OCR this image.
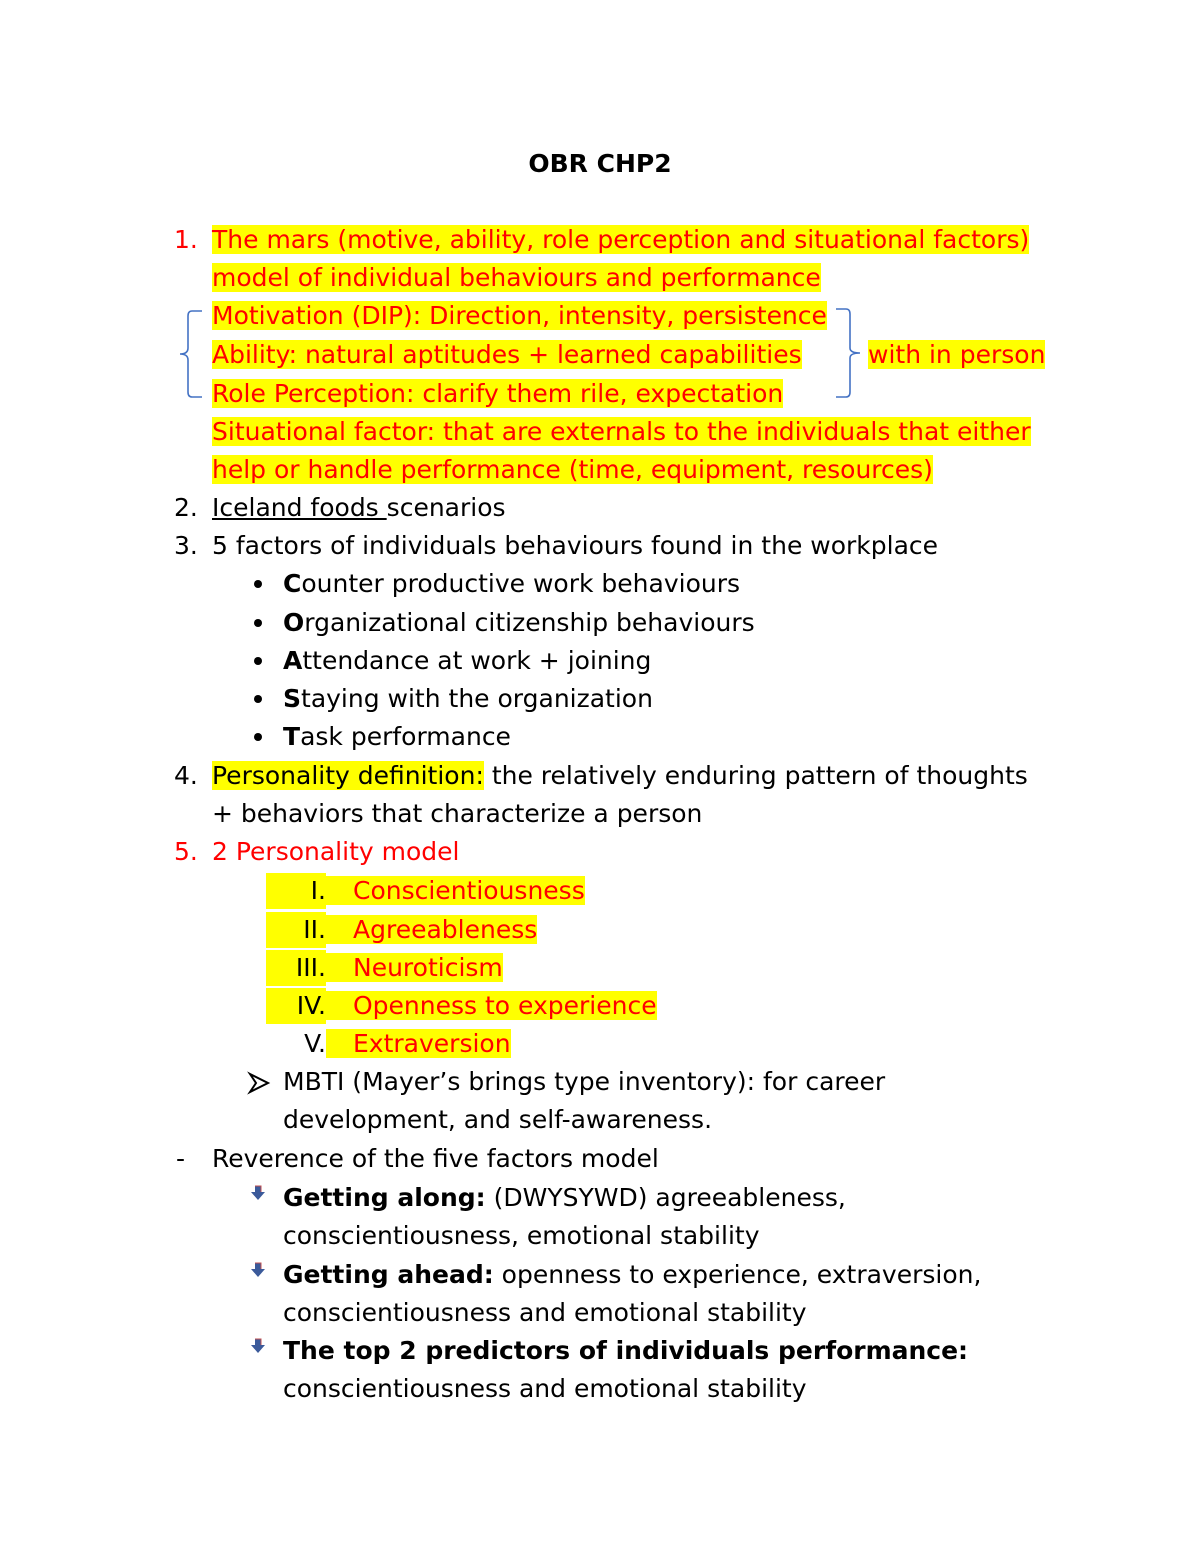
OBR CHP2
1. The mars (motive, ability, role perception and situational factors)
model of individual behaviours and performance
Motivation (DIP): Direction, intensity, persistence
Ability: natural aptitudes + learned capabilities
Role Perception: clarify them rile, expectation
Situational factor: that are externals to the individuals that either
help or handle performance (time, equipment, resources)
with in person
2. Iceland foods scenarios
3. 5 factors of individuals behaviours found in the workplace
Counter productive work behaviours
Organizational citizenship behaviours
Attendance at work + joining
Staying with the organization
Task performance
4. Personality definition: the relatively enduring pattern of thoughts
+ behaviors that characterize a person
5. 2 Personality model
I.	Conscientiousness
II.	Agreeableness
III.	Neuroticism
IV.	Openness to experience
V.	Extraversion
MBTI (Mayer’s brings type inventory): for career
development, and self-awareness.
- Reverence of the five factors model
Getting along: (DWYSYWD) agreeableness,
conscientiousness, emotional stability
Getting ahead: openness to experience, extraversion,
conscientiousness and emotional stability
The top 2 predictors of individuals performance:
conscientiousness and emotional stability
